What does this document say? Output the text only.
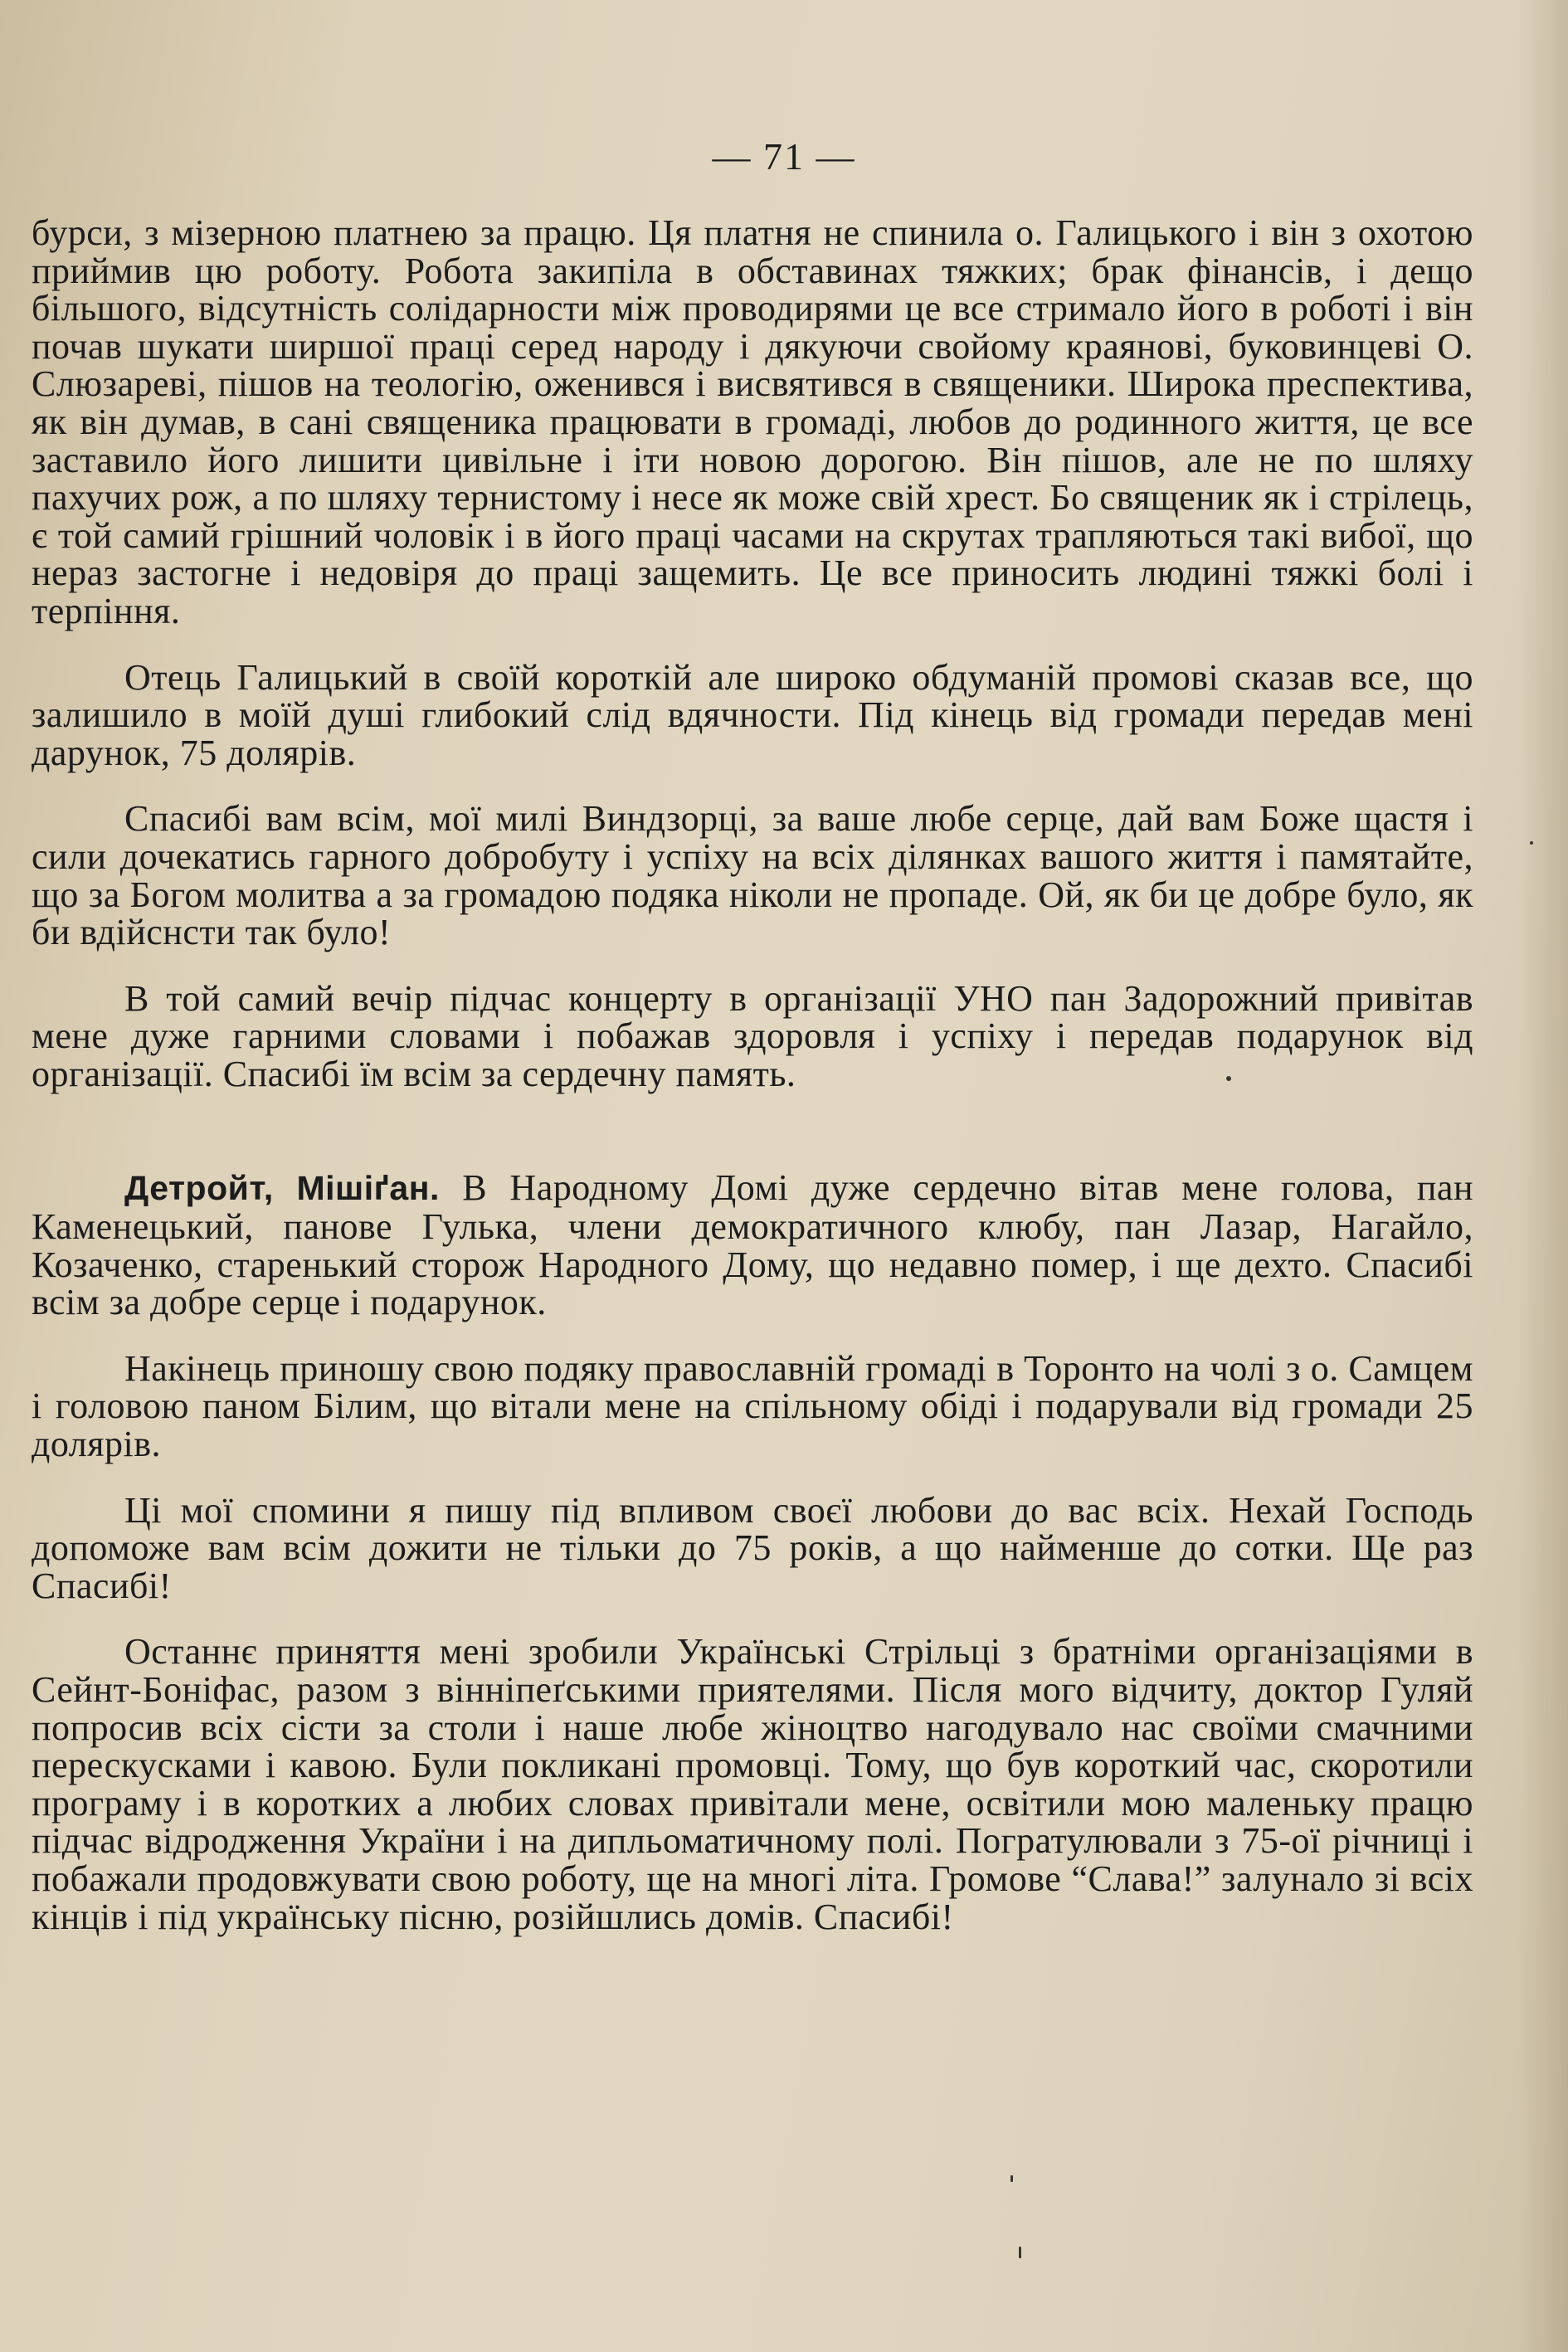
— 71 —

бурси, з мізерною платнею за працю. Ця платня не спинила о. Галицького і він з охотою приймив цю роботу. Робота закипіла в обставинах тяжких; брак фінансів, і дещо більшого, відсутність солідарности між проводирями це все стримало його в роботі і він почав шукати ширшої праці серед народу і дякуючи свойому краянові, буковинцеві О. Слюзареві, пішов на теологію, оженився і висвятився в священики. Широка преспектива, як він думав, в сані священика працювати в громаді, любов до родинного життя, це все заставило його лишити цивільне і іти новою дорогою. Він пішов, але не по шляху пахучих рож, а по шляху тернистому і несе як може свій хрест. Бо священик як і стрілець, є той самий грішний чоловік і в його праці часами на скрутах трапляються такі вибої, що нераз застогне і недовіря до праці защемить. Це все приносить людині тяжкі болі і терпіння.

Отець Галицький в своїй короткій але широко обдуманій промові сказав все, що залишило в моїй душі глибокий слід вдячности. Під кінець від громади передав мені дарунок, 75 долярів.

Спасибі вам всім, мої милі Виндзорці, за ваше любе серце, дай вам Боже щастя і сили дочекатись гарного добробуту і успіху на всіх ділянках вашого життя і памятайте, що за Богом молитва а за громадою подяка ніколи не пропаде. Ой, як би це добре було, як би вдійснсти так було!

В той самий вечір підчас концерту в організації УНО пан Задорожний привітав мене дуже гарними словами і побажав здоровля і успіху і передав подарунок від організації. Спасибі їм всім за сердечну память.

Детройт, Мішіґан. В Народному Домі дуже сердечно вітав мене голова, пан Каменецький, панове Гулька, члени демократичного клюбу, пан Лазар, Нагайло, Козаченко, старенький сторож Народного Дому, що недавно помер, і ще дехто. Спасибі всім за добре серце і подарунок.

Накінець приношу свою подяку православній громаді в Торонто на чолі з о. Самцем і головою паном Білим, що вітали мене на спільному обіді і подарували від громади 25 долярів.

Ці мої спомини я пишу під впливом своєї любови до вас всіх. Нехай Господь допоможе вам всім дожити не тільки до 75 років, а що найменше до сотки. Ще раз Спасибі!

Останнє приняття мені зробили Українські Стрільці з братніми організаціями в Сейнт-Боніфас, разом з вінніпеґськими приятелями. Після мого відчиту, доктор Гуляй попросив всіх сісти за столи і наше любе жіноцтво нагодувало нас своїми смачними перескусками і кавою. Були покликані промовці. Тому, що був короткий час, скоротили програму і в коротких а любих словах привітали мене, освітили мою маленьку працю підчас відродження України і на дипльоматичному полі. Погратулювали з 75-ої річниці і побажали продовжувати свою роботу, ще на многі літа. Громове “Слава!” залунало зі всіх кінців і під українську пісню, розійшлись домів. Спасибі!
